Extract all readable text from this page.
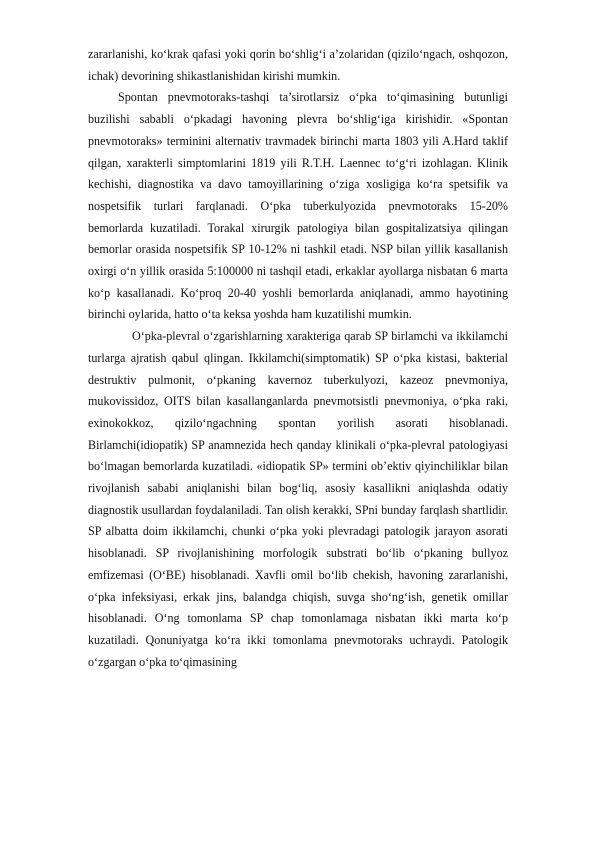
zararlanishi, ko‘krak qafasi yoki qorin bo‘shlig‘i a’zolaridan (qizilo‘ngach, oshqozon, ichak) devorining shikastlanishidan kirishi mumkin.

Spontan pnevmotoraks-tashqi ta’sirotlarsiz o‘pka to‘qimasining butunligi buzilishi sababli o‘pkadagi havoning plevra bo‘shlig‘iga kirishidir. «Spontan pnevmotoraks» terminini alternativ travmadek birinchi marta 1803 yili A.Hard taklif qilgan, xarakterli simptomlarini 1819 yili R.T.H. Laennec to‘g‘ri izohlagan. Klinik kechishi, diagnostika va davo tamoyillarining o‘ziga xosligiga ko‘ra spetsifik va nospetsifik turlari farqlanadi. O‘pka tuberkulyozida pnevmotoraks 15-20% bemorlarda kuzatiladi. Torakal xirurgik patologiya bilan gospitalizatsiya qilingan bemorlar orasida nospetsifik SP 10-12% ni tashkil etadi. NSP bilan yillik kasallanish oxirgi o‘n yillik orasida 5:100000 ni tashqil etadi, erkaklar ayollarga nisbatan 6 marta ko‘p kasallanadi. Ko‘proq 20-40 yoshli bemorlarda aniqlanadi, ammo hayotining birinchi oylarida, hatto o‘ta keksa yoshda ham kuzatilishi mumkin.

O‘pka-plevral o‘zgarishlarning xarakteriga qarab SP birlamchi va ikkilamchi turlarga ajratish qabul qlingan. Ikkilamchi(simptomatik) SP o‘pka kistasi, bakterial destruktiv pulmonit, o‘pkaning kavernoz tuberkulyozi, kazeoz pnevmoniya, mukovissidoz, OITS bilan kasallanganlarda pnevmotsistli pnevmoniya, o‘pka raki, exinokokkoz, qizilo‘ngachning spontan yorilish asorati hisoblanadi. Birlamchi(idiopatik) SP anamnezida hech qanday klinikali o‘pka-plevral patologiyasi bo‘lmagan bemorlarda kuzatiladi. «idiopatik SP» termini ob’ektiv qiyinchiliklar bilan rivojlanish sababi aniqlanishi bilan bog‘liq, asosiy kasallikni aniqlashda odatiy diagnostik usullardan foydalaniladi. Tan olish kerakki, SPni bunday farqlash shartlidir. SP albatta doim ikkilamchi, chunki o‘pka yoki plevradagi patologik jarayon asorati hisoblanadi. SP rivojlanishining morfologik substrati bo‘lib o‘pkaning bullyoz emfizemasi (O‘BE) hisoblanadi. Xavfli omil bo‘lib chekish, havoning zararlanishi, o‘pka infeksiyasi, erkak jins, balandga chiqish, suvga sho‘ng‘ish, genetik omillar hisoblanadi. O‘ng tomonlama SP chap tomonlamaga nisbatan ikki marta ko‘p kuzatiladi. Qonuniyatga ko‘ra ikki tomonlama pnevmotoraks uchraydi. Patologik o‘zgargan o‘pka to‘qimasining
